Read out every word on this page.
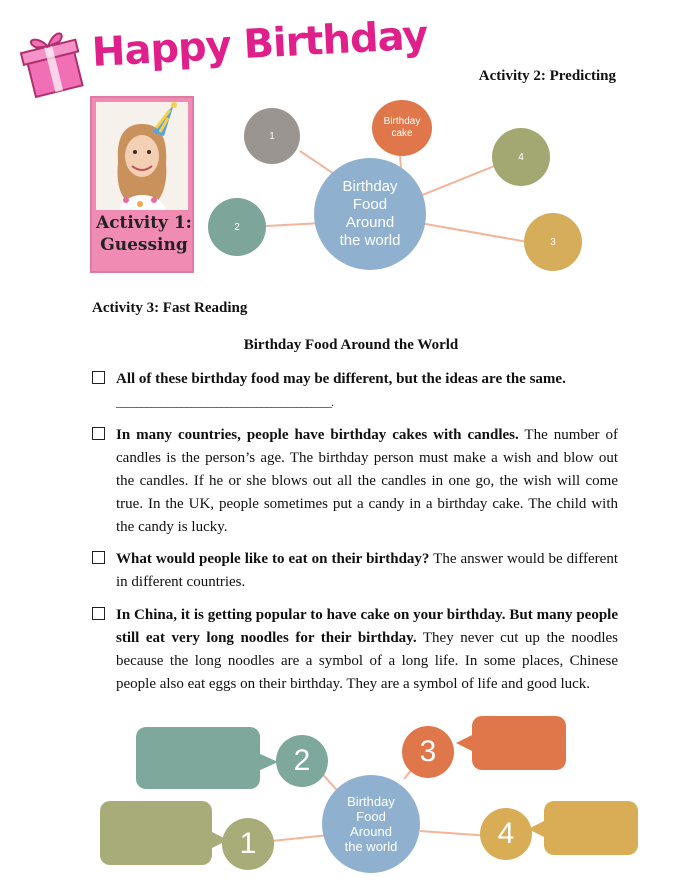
Happy Birthday
Activity 2: Predicting
Activity 1:
Guessing
1
Birthday cake
4
3
2
Birthday
Food
Around
the world
Activity 3: Fast Reading
Birthday Food Around the World
All of these birthday food may be different, but the ideas are the same.
___________________________________________.
In many countries, people have birthday cakes with candles. The number of candles is the person’s age. The birthday person must make a wish and blow out the candles. If he or she blows out all the candles in one go, the wish will come true. In the UK, people sometimes put a candy in a birthday cake. The child with the candy is lucky.
What would people like to eat on their birthday? The answer would be different in different countries.
In China, it is getting popular to have cake on your birthday. But many people still eat very long noodles for their birthday. They never cut up the noodles because the long noodles are a symbol of a long life. In some places, Chinese people also eat eggs on their birthday. They are a symbol of life and good luck.
2	3
1	4
Birthday
Food
Around
the world
